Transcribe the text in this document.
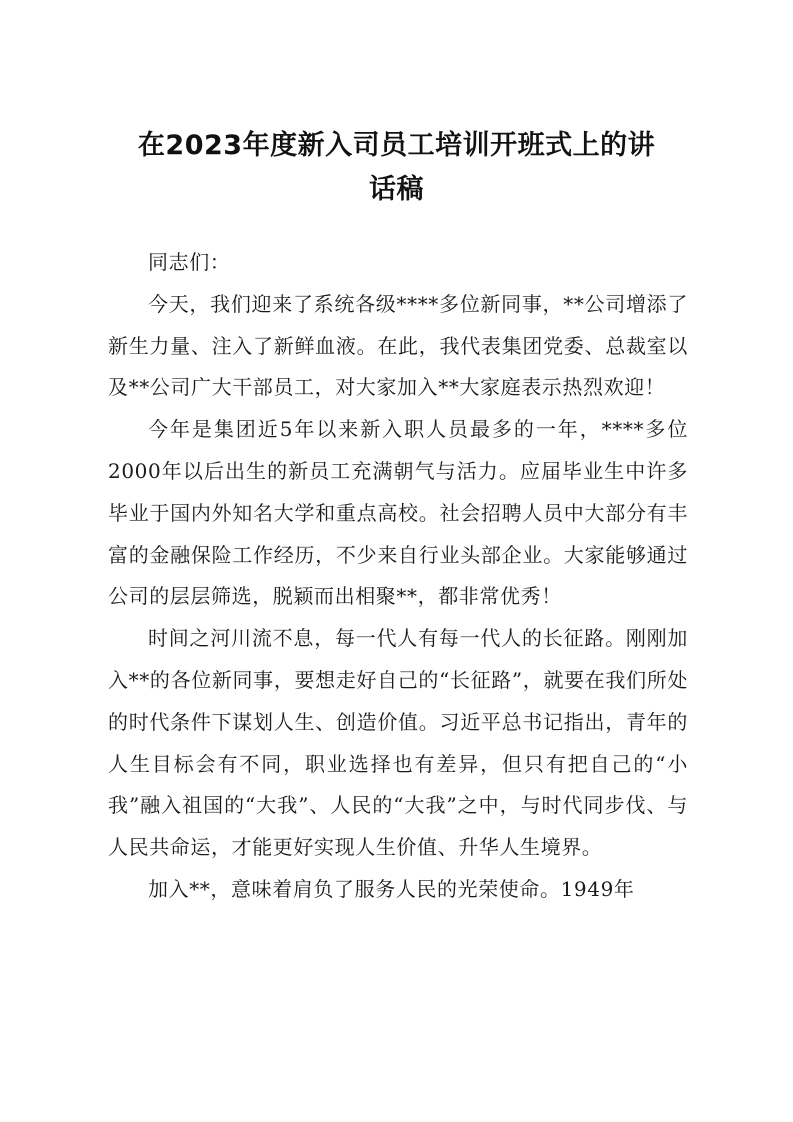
在2023年度新入司员工培训开班式上的讲
话稿

同志们：

今天，我们迎来了系统各级****多位新同事，**公司增添了新生力量、注入了新鲜血液。在此，我代表集团党委、总裁室以及**公司广大干部员工，对大家加入**大家庭表示热烈欢迎！

今年是集团近5年以来新入职人员最多的一年，****多位2000年以后出生的新员工充满朝气与活力。应届毕业生中许多毕业于国内外知名大学和重点高校。社会招聘人员中大部分有丰富的金融保险工作经历，不少来自行业头部企业。大家能够通过公司的层层筛选，脱颖而出相聚**，都非常优秀！

时间之河川流不息，每一代人有每一代人的长征路。刚刚加入**的各位新同事，要想走好自己的“长征路”，就要在我们所处的时代条件下谋划人生、创造价值。习近平总书记指出，青年的人生目标会有不同，职业选择也有差异，但只有把自己的“小我”融入祖国的“大我”、人民的“大我”之中，与时代同步伐、与人民共命运，才能更好实现人生价值、升华人生境界。

加入**，意味着肩负了服务人民的光荣使命。1949年
